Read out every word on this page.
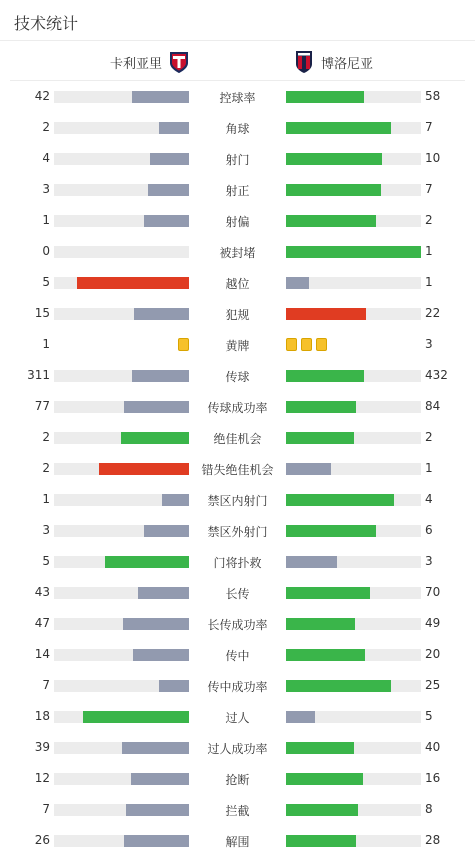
技术统计
卡利亚里	博洛尼亚
42	控球率	58
2	角球	7
4	射门	10
3	射正	7
1	射偏	2
0	被封堵	1
5	越位	1
15	犯规	22
1	黄牌	3
311	传球	432
77	传球成功率	84
2	绝佳机会	2
2	错失绝佳机会	1
1	禁区内射门	4
3	禁区外射门	6
5	门将扑救	3
43	长传	70
47	长传成功率	49
14	传中	20
7	传中成功率	25
18	过人	5
39	过人成功率	40
12	抢断	16
7	拦截	8
26	解围	28
